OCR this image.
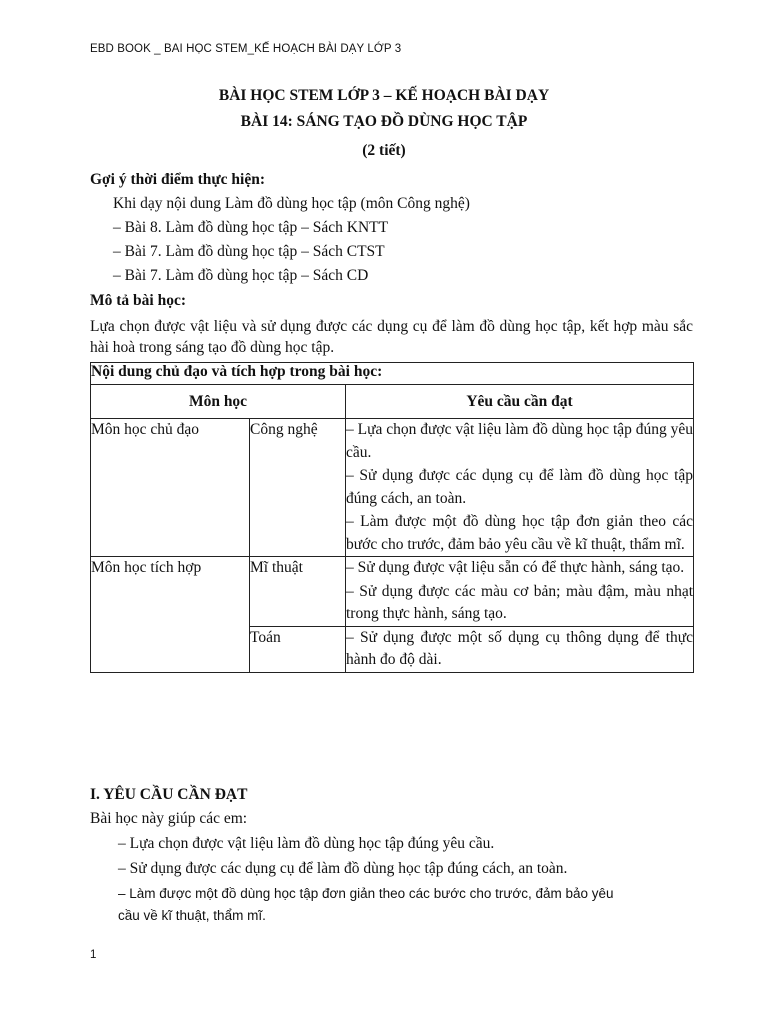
EBD BOOK _ BAI HỌC STEM_KẾ HOẠCH BÀI DẠY LỚP 3
BÀI HỌC STEM LỚP 3 – KẾ HOẠCH BÀI DẠY
BÀI 14: SÁNG TẠO ĐỒ DÙNG HỌC TẬP
(2 tiết)
Gợi ý thời điểm thực hiện:
Khi dạy nội dung Làm đồ dùng học tập (môn Công nghệ)
– Bài 8. Làm đồ dùng học tập – Sách KNTT
– Bài 7. Làm đồ dùng học tập – Sách CTST
– Bài 7. Làm đồ dùng học tập – Sách CD
Mô tả bài học:
Lựa chọn được vật liệu và sử dụng được các dụng cụ để làm đồ dùng học tập, kết hợp màu sắc hài hoà trong sáng tạo đồ dùng học tập.
Nội dung chủ đạo và tích hợp trong bài học:		
Môn học		Yêu cầu cần đạt
Môn học chủ đạo	Công nghệ	– Lựa chọn được vật liệu làm đồ dùng học tập đúng yêu cầu.

– Sử dụng được các dụng cụ để làm đồ dùng học tập đúng cách, an toàn.

– Làm được một đồ dùng học tập đơn giản theo các bước cho trước, đảm bảo yêu cầu về kĩ thuật, thẩm mĩ.

Môn học tích hợp	Mĩ thuật	– Sử dụng được vật liệu sẵn có để thực hành, sáng tạo.

– Sử dụng được các màu cơ bản; màu đậm, màu nhạt trong thực hành, sáng tạo.

	Toán	– Sử dụng được một số dụng cụ thông dụng để thực hành đo độ dài.

I. YÊU CẦU CẦN ĐẠT
Bài học này giúp các em:
– Lựa chọn được vật liệu làm đồ dùng học tập đúng yêu cầu.
– Sử dụng được các dụng cụ để làm đồ dùng học tập đúng cách, an toàn.
– Làm được một đồ dùng học tập đơn giản theo các bước cho trước, đảm bảo yêu
cầu về kĩ thuật, thẩm mĩ.
1
